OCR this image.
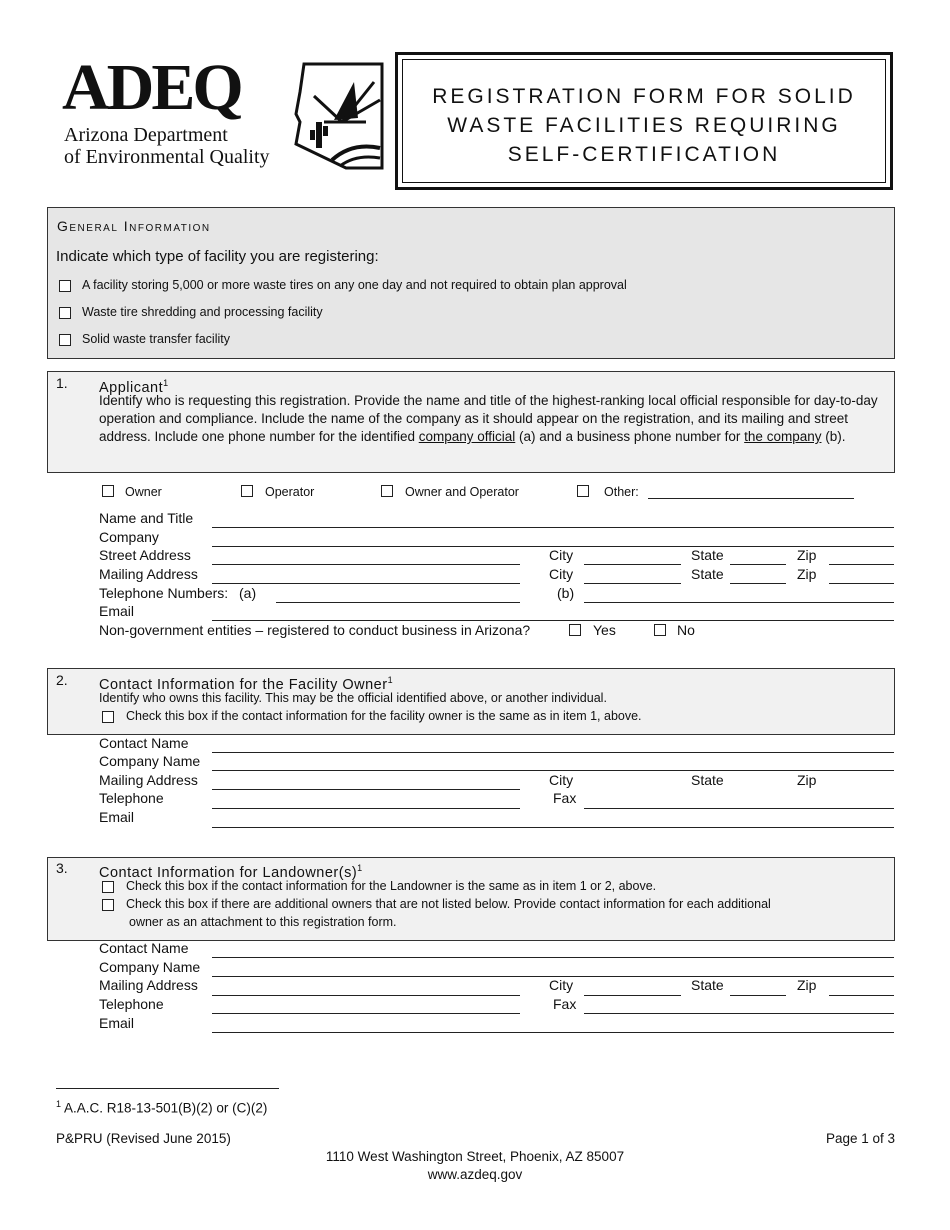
ADEQ
Arizona Department
of Environmental Quality
REGISTRATION FORM FOR SOLID
WASTE FACILITIES REQUIRING
SELF-CERTIFICATION
General Information
Indicate which type of facility you are registering:
A facility storing 5,000 or more waste tires on any one day and not required to obtain plan approval
Waste tire shredding and processing facility
Solid waste transfer facility
1. Applicant$^1$
Identify who is requesting this registration. Provide the name and title of the highest-ranking local official responsible for day-to-day operation and compliance. Include the name of the company as it should appear on the registration, and its mailing and street address. Include one phone number for the identified company official (a) and a business phone number for the company (b).
Owner	Operator	Owner and Operator	Other:
Name and Title
Company
Street Address	City	State	Zip
Mailing Address	City	State	Zip
Telephone Numbers: (a)	(b)
Email
Non-government entities – registered to conduct business in Arizona?	Yes	No
2. Contact Information for the Facility Owner$^1$
Identify who owns this facility. This may be the official identified above, or another individual.
Check this box if the contact information for the facility owner is the same as in item 1, above.
Contact Name
Company Name
Mailing Address	City	State	Zip
Telephone	Fax
Email
3. Contact Information for $Landowner(s)^1$
Check this box if the contact information for the Landowner is the same as in item 1 or 2, above.
Check this box if there are additional owners that are not listed below. Provide contact information for each additional
owner as an attachment to this registration form.
Contact Name
Company Name
Mailing Address	City	State	Zip
Telephone	Fax
Email
$^1$ A.A.C. R18-13-501(B)(2) or (C)(2)
P&PRU (Revised June 2015)	Page 1 of 3
1110 West Washington Street, Phoenix, AZ 85007
www.azdeq.gov
